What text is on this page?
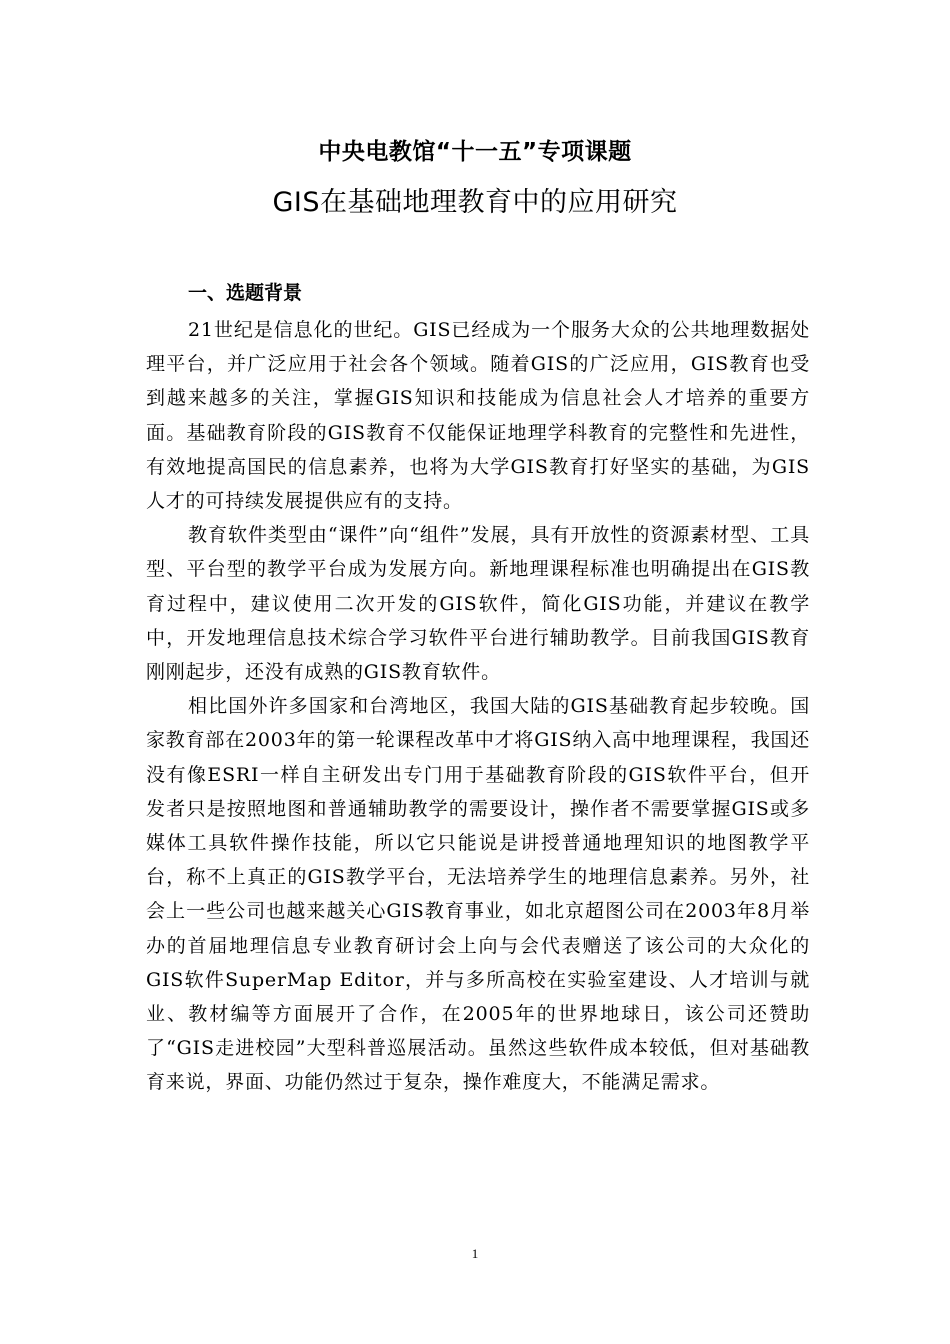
中央电教馆“十一五”专项课题
GIS在基础地理教育中的应用研究
一、选题背景

21世纪是信息化的世纪。GIS已经成为一个服务大众的公共地理数据处理平台，并广泛应用于社会各个领域。随着GIS的广泛应用，GIS教育也受到越来越多的关注，掌握GIS知识和技能成为信息社会人才培养的重要方面。基础教育阶段的GIS教育不仅能保证地理学科教育的完整性和先进性，有效地提高国民的信息素养，也将为大学GIS教育打好坚实的基础，为GIS人才的可持续发展提供应有的支持。

教育软件类型由“课件”向“组件”发展，具有开放性的资源素材型、工具型、平台型的教学平台成为发展方向。新地理课程标准也明确提出在GIS教育过程中，建议使用二次开发的GIS软件，简化GIS功能，并建议在教学中，开发地理信息技术综合学习软件平台进行辅助教学。目前我国GIS教育刚刚起步，还没有成熟的GIS教育软件。

相比国外许多国家和台湾地区，我国大陆的GIS基础教育起步较晚。国家教育部在2003年的第一轮课程改革中才将GIS纳入高中地理课程，我国还没有像ESRI一样自主研发出专门用于基础教育阶段的GIS软件平台，但开发者只是按照地图和普通辅助教学的需要设计，操作者不需要掌握GIS或多媒体工具软件操作技能，所以它只能说是讲授普通地理知识的地图教学平台，称不上真正的GIS教学平台，无法培养学生的地理信息素养。另外，社会上一些公司也越来越关心GIS教育事业，如北京超图公司在2003年8月举办的首届地理信息专业教育研讨会上向与会代表赠送了该公司的大众化的GIS软件SuperMap Editor，并与多所高校在实验室建设、人才培训与就业、教材编等方面展开了合作，在2005年的世界地球日，该公司还赞助了“GIS走进校园”大型科普巡展活动。虽然这些软件成本较低，但对基础教育来说，界面、功能仍然过于复杂，操作难度大，不能满足需求。

1
